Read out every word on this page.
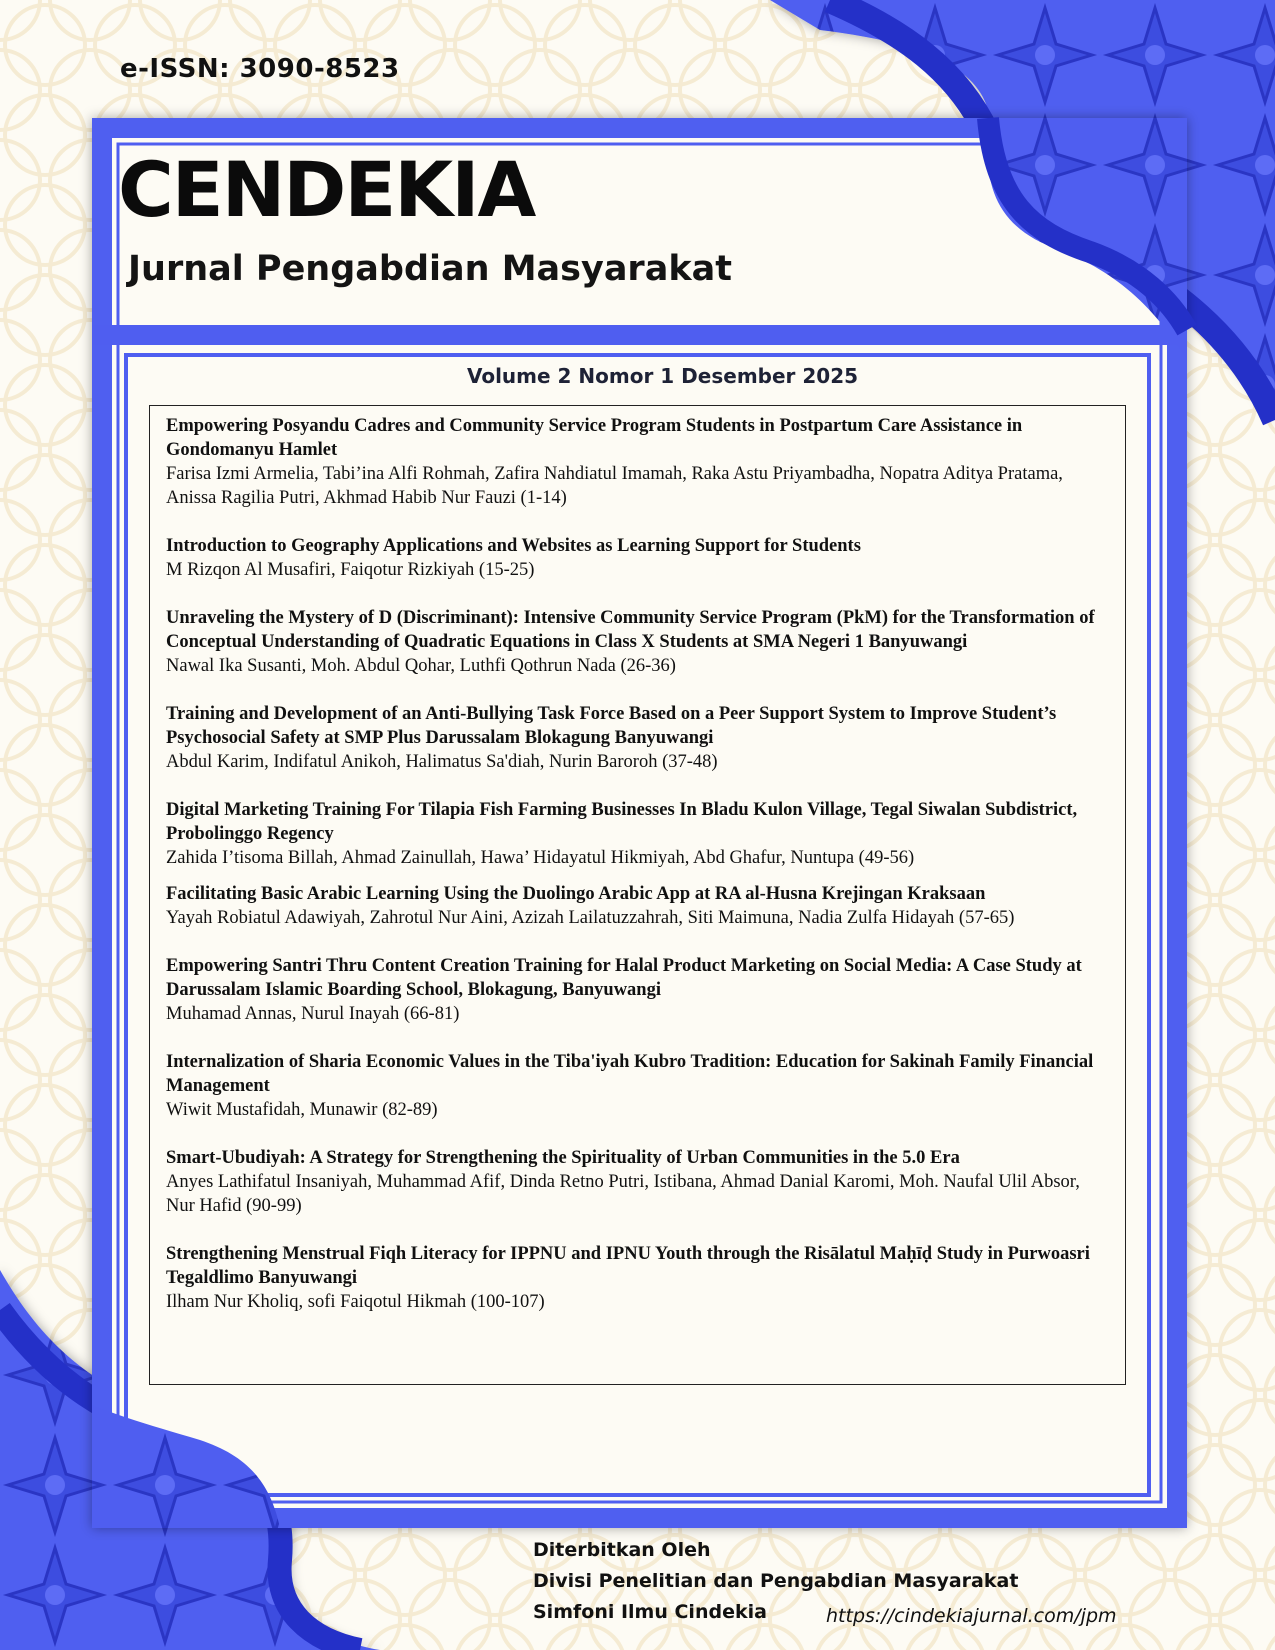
e-ISSN: 3090-8523
CENDEKIA
Jurnal Pengabdian Masyarakat
Volume 2 Nomor 1 Desember 2025
Empowering Posyandu Cadres and Community Service Program Students in Postpartum Care Assistance in Gondomanyu Hamlet
Farisa Izmi Armelia, Tabi’ina Alfi Rohmah, Zafira Nahdiatul Imamah, Raka Astu Priyambadha, Nopatra Aditya Pratama, Anissa Ragilia Putri, Akhmad Habib Nur Fauzi (1-14)
Introduction to Geography Applications and Websites as Learning Support for Students
M Rizqon Al Musafiri, Faiqotur Rizkiyah (15-25)
Unraveling the Mystery of D (Discriminant): Intensive Community Service Program (PkM) for the Transformation of Conceptual Understanding of Quadratic Equations in Class X Students at SMA Negeri 1 Banyuwangi
Nawal Ika Susanti, Moh. Abdul Qohar, Luthfi Qothrun Nada (26-36)
Training and Development of an Anti-Bullying Task Force Based on a Peer Support System to Improve Student’s Psychosocial Safety at SMP Plus Darussalam Blokagung Banyuwangi
Abdul Karim, Indifatul Anikoh, Halimatus Sa'diah, Nurin Baroroh (37-48)
Digital Marketing Training For Tilapia Fish Farming Businesses In Bladu Kulon Village, Tegal Siwalan Subdistrict, Probolinggo Regency
Zahida I’tisoma Billah, Ahmad Zainullah, Hawa’ Hidayatul Hikmiyah, Abd Ghafur, Nuntupa (49-56)
Facilitating Basic Arabic Learning Using the Duolingo Arabic App at RA al-Husna Krejingan Kraksaan
Yayah Robiatul Adawiyah, Zahrotul Nur Aini, Azizah Lailatuzzahrah, Siti Maimuna, Nadia Zulfa Hidayah (57-65)
Empowering Santri Thru Content Creation Training for Halal Product Marketing on Social Media: A Case Study at Darussalam Islamic Boarding School, Blokagung, Banyuwangi
Muhamad Annas, Nurul Inayah (66-81)
Internalization of Sharia Economic Values in the Tiba'iyah Kubro Tradition: Education for Sakinah Family Financial Management
Wiwit Mustafidah, Munawir (82-89)
Smart-Ubudiyah: A Strategy for Strengthening the Spirituality of Urban Communities in the 5.0 Era
Anyes Lathifatul Insaniyah, Muhammad Afif, Dinda Retno Putri, Istibana, Ahmad Danial Karomi, Moh. Naufal Ulil Absor, Nur Hafid (90-99)
Strengthening Menstrual Fiqh Literacy for IPPNU and IPNU Youth through the Risālatul Maḥīḍ Study in Purwoasri Tegaldlimo Banyuwangi
Ilham Nur Kholiq, sofi Faiqotul Hikmah (100-107)
Diterbitkan Oleh
Divisi Penelitian dan Pengabdian Masyarakat
Simfoni Ilmu Cindekia	https://cindekiajurnal.com/jpm
